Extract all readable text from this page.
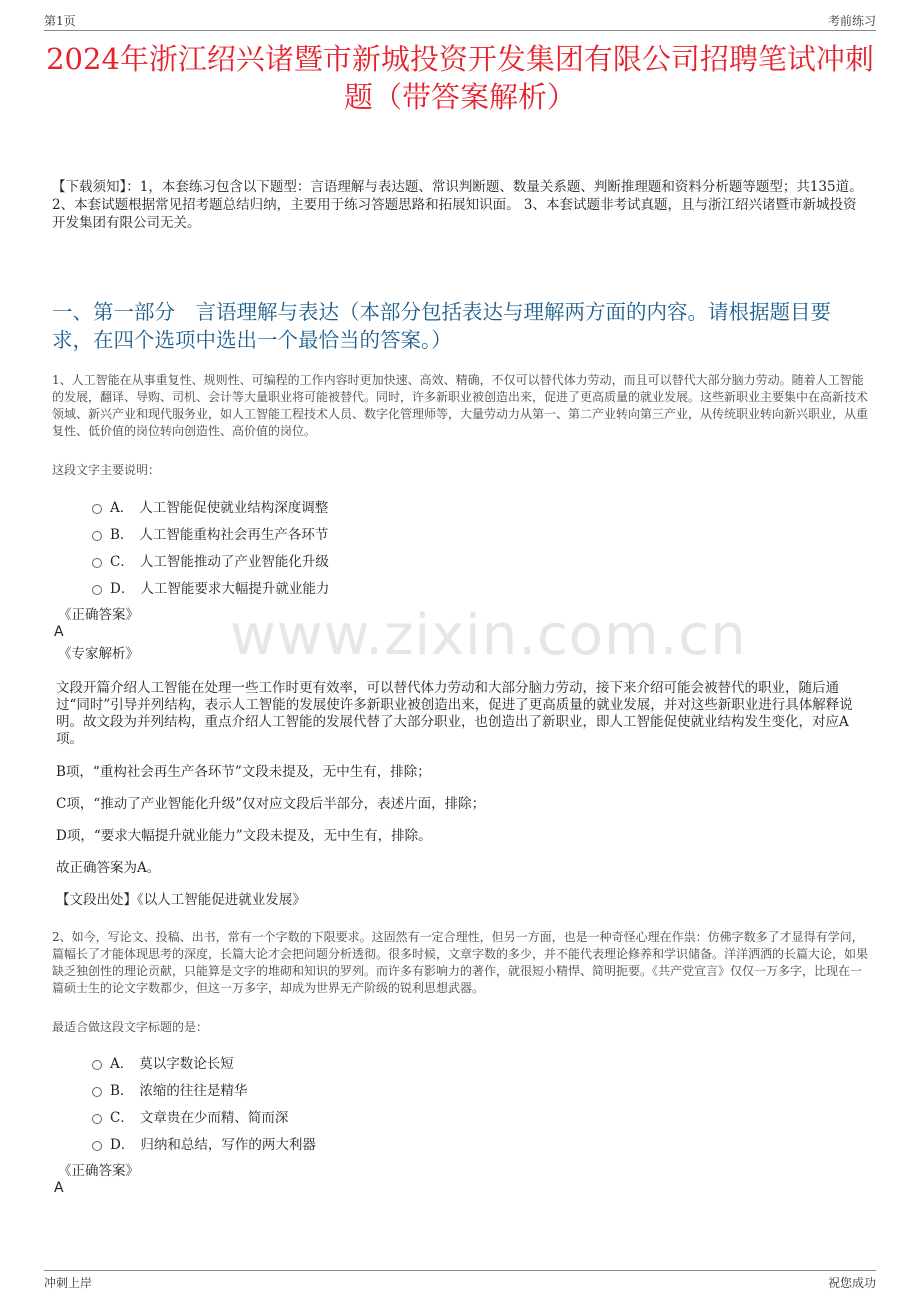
第1页	考前练习
2024年浙江绍兴诸暨市新城投资开发集团有限公司招聘笔试冲刺题（带答案解析）
【下载须知】：1，本套练习包含以下题型：言语理解与表达题、常识判断题、数量关系题、判断推理题和资料分析题等题型；共135道。 2、本套试题根据常见招考题总结归纳，主要用于练习答题思路和拓展知识面。 3、本套试题非考试真题，且与浙江绍兴诸暨市新城投资开发集团有限公司无关。
一、第一部分　言语理解与表达（本部分包括表达与理解两方面的内容。请根据题目要求，在四个选项中选出一个最恰当的答案。）
www.zixin.com.cn
1、人工智能在从事重复性、规则性、可编程的工作内容时更加快速、高效、精确，不仅可以替代体力劳动，而且可以替代大部分脑力劳动。随着人工智能的发展，翻译、导购、司机、会计等大量职业将可能被替代。同时，许多新职业被创造出来，促进了更高质量的就业发展。这些新职业主要集中在高新技术领域、新兴产业和现代服务业，如人工智能工程技术人员、数字化管理师等，大量劳动力从第一、第二产业转向第三产业，从传统职业转向新兴职业，从重复性、低价值的岗位转向创造性、高价值的岗位。
这段文字主要说明：
A． 人工智能促使就业结构深度调整
B． 人工智能重构社会再生产各环节
C． 人工智能推动了产业智能化升级
D． 人工智能要求大幅提升就业能力
《正确答案》
A
《专家解析》
文段开篇介绍人工智能在处理一些工作时更有效率，可以替代体力劳动和大部分脑力劳动，接下来介绍可能会被替代的职业，随后通过“同时”引导并列结构，表示人工智能的发展使许多新职业被创造出来，促进了更高质量的就业发展，并对这些新职业进行具体解释说明。故文段为并列结构，重点介绍人工智能的发展代替了大部分职业，也创造出了新职业，即人工智能促使就业结构发生变化，对应A项。
B项，“重构社会再生产各环节”文段未提及，无中生有，排除；
C项，“推动了产业智能化升级”仅对应文段后半部分，表述片面，排除；
D项，“要求大幅提升就业能力”文段未提及，无中生有，排除。
故正确答案为A。
【文段出处】《以人工智能促进就业发展》
2、如今，写论文、投稿、出书，常有一个字数的下限要求。这固然有一定合理性，但另一方面，也是一种奇怪心理在作祟：仿佛字数多了才显得有学问，篇幅长了才能体现思考的深度，长篇大论才会把问题分析透彻。很多时候，文章字数的多少，并不能代表理论修养和学识储备。洋洋洒洒的长篇大论，如果缺乏独创性的理论贡献，只能算是文字的堆砌和知识的罗列。而许多有影响力的著作，就很短小精悍、简明扼要。《共产党宣言》仅仅一万多字，比现在一篇硕士生的论文字数都少，但这一万多字，却成为世界无产阶级的锐利思想武器。
最适合做这段文字标题的是：
A． 莫以字数论长短
B． 浓缩的往往是精华
C． 文章贵在少而精、简而深
D． 归纳和总结，写作的两大利器
《正确答案》
A
冲刺上岸	祝您成功
